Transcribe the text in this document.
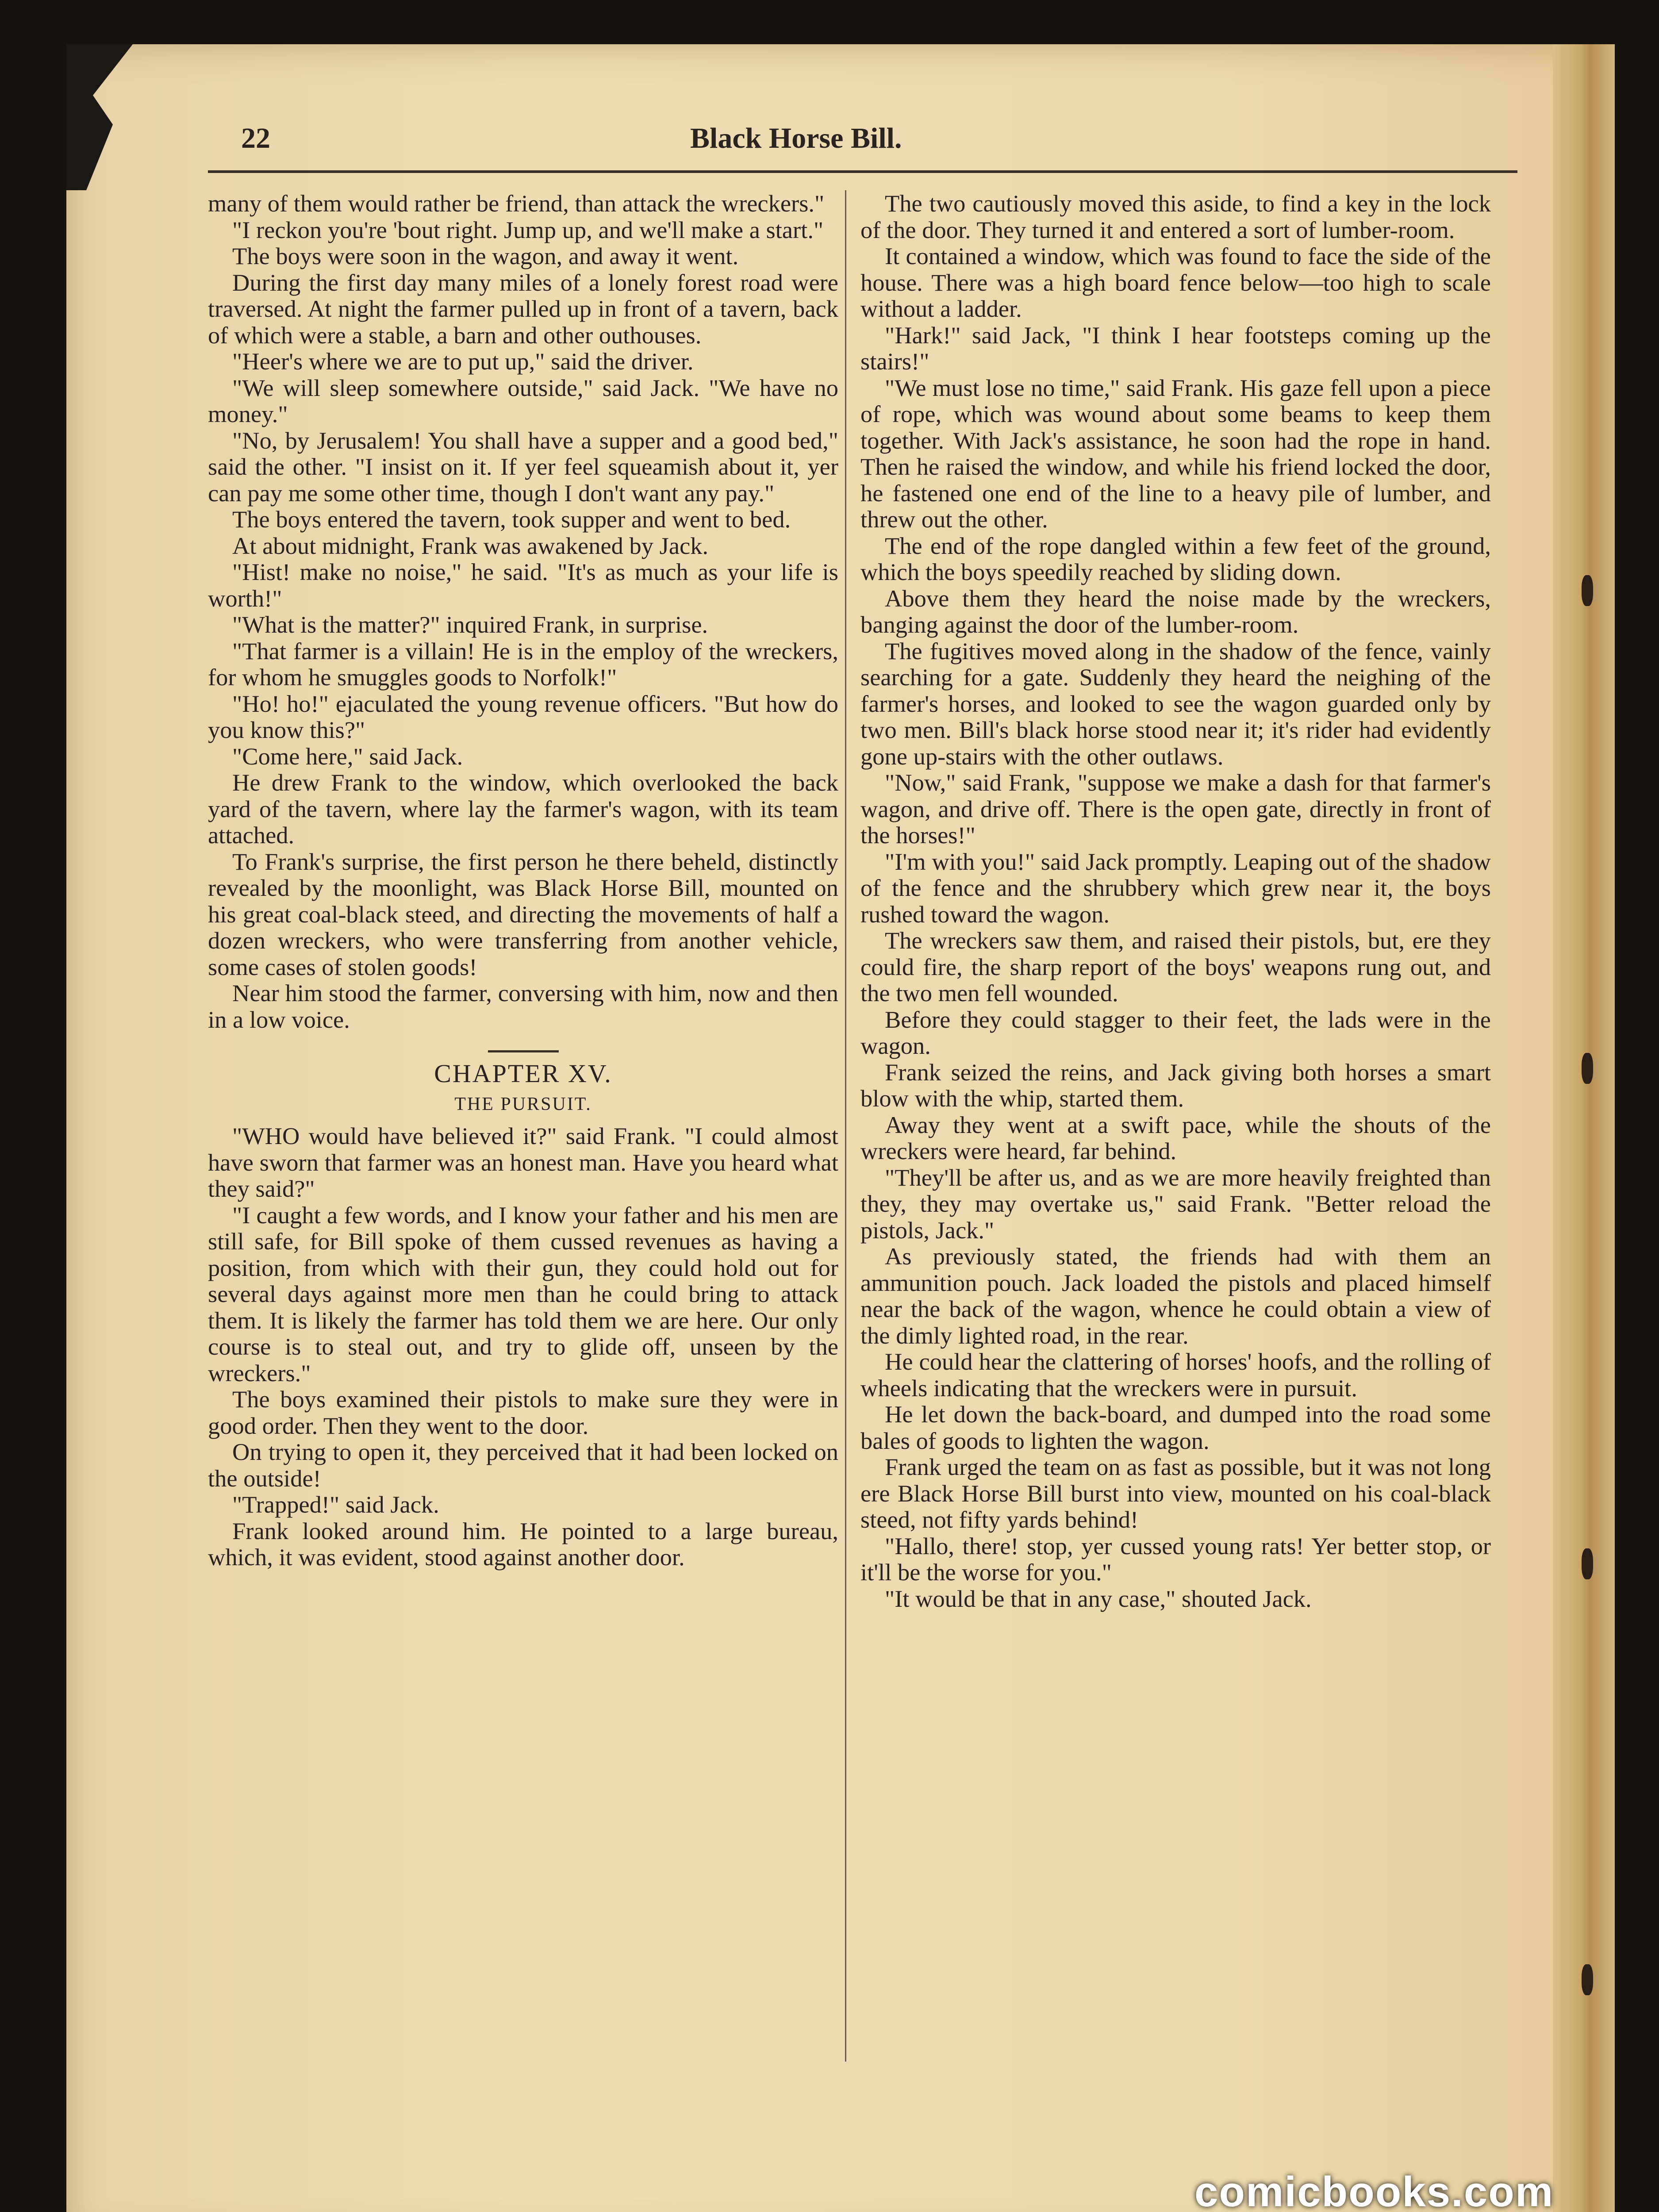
22	Black Horse Bill.

many of them would rather be friend, than attack the wreckers."

"I reckon you're 'bout right. Jump up, and we'll make a start."

The boys were soon in the wagon, and away it went.

During the first day many miles of a lonely forest road were traversed. At night the farmer pulled up in front of a tavern, back of which were a stable, a barn and other outhouses.

"Heer's where we are to put up," said the driver.

"We will sleep somewhere outside," said Jack. "We have no money."

"No, by Jerusalem! You shall have a supper and a good bed," said the other. "I insist on it. If yer feel squeamish about it, yer can pay me some other time, though I don't want any pay."

The boys entered the tavern, took supper and went to bed.

At about midnight, Frank was awakened by Jack.

"Hist! make no noise," he said. "It's as much as your life is worth!"

"What is the matter?" inquired Frank, in surprise.

"That farmer is a villain! He is in the employ of the wreckers, for whom he smuggles goods to Norfolk!"

"Ho! ho!" ejaculated the young revenue officers. "But how do you know this?"

"Come here," said Jack.

He drew Frank to the window, which overlooked the back yard of the tavern, where lay the farmer's wagon, with its team attached.

To Frank's surprise, the first person he there beheld, distinctly revealed by the moonlight, was Black Horse Bill, mounted on his great coal-black steed, and directing the movements of half a dozen wreckers, who were transferring from another vehicle, some cases of stolen goods!

Near him stood the farmer, conversing with him, now and then in a low voice.

CHAPTER XV.
THE PURSUIT.

"WHO would have believed it?" said Frank. "I could almost have sworn that farmer was an honest man. Have you heard what they said?"

"I caught a few words, and I know your father and his men are still safe, for Bill spoke of them cussed revenues as having a position, from which with their gun, they could hold out for several days against more men than he could bring to attack them. It is likely the farmer has told them we are here. Our only course is to steal out, and try to glide off, unseen by the wreckers."

The boys examined their pistols to make sure they were in good order. Then they went to the door.

On trying to open it, they perceived that it had been locked on the outside!

"Trapped!" said Jack.

Frank looked around him. He pointed to a large bureau, which, it was evident, stood against another door.

The two cautiously moved this aside, to find a key in the lock of the door. They turned it and entered a sort of lumber-room.

It contained a window, which was found to face the side of the house. There was a high board fence below—too high to scale without a ladder.

"Hark!" said Jack, "I think I hear footsteps coming up the stairs!"

"We must lose no time," said Frank. His gaze fell upon a piece of rope, which was wound about some beams to keep them together. With Jack's assistance, he soon had the rope in hand. Then he raised the window, and while his friend locked the door, he fastened one end of the line to a heavy pile of lumber, and threw out the other.

The end of the rope dangled within a few feet of the ground, which the boys speedily reached by sliding down.

Above them they heard the noise made by the wreckers, banging against the door of the lumber-room.

The fugitives moved along in the shadow of the fence, vainly searching for a gate. Suddenly they heard the neighing of the farmer's horses, and looked to see the wagon guarded only by two men. Bill's black horse stood near it; it's rider had evidently gone up-stairs with the other outlaws.

"Now," said Frank, "suppose we make a dash for that farmer's wagon, and drive off. There is the open gate, directly in front of the horses!"

"I'm with you!" said Jack promptly. Leaping out of the shadow of the fence and the shrubbery which grew near it, the boys rushed toward the wagon.

The wreckers saw them, and raised their pistols, but, ere they could fire, the sharp report of the boys' weapons rung out, and the two men fell wounded.

Before they could stagger to their feet, the lads were in the wagon.

Frank seized the reins, and Jack giving both horses a smart blow with the whip, started them.

Away they went at a swift pace, while the shouts of the wreckers were heard, far behind.

"They'll be after us, and as we are more heavily freighted than they, they may overtake us," said Frank. "Better reload the pistols, Jack."

As previously stated, the friends had with them an ammunition pouch. Jack loaded the pistols and placed himself near the back of the wagon, whence he could obtain a view of the dimly lighted road, in the rear.

He could hear the clattering of horses' hoofs, and the rolling of wheels indicating that the wreckers were in pursuit.

He let down the back-board, and dumped into the road some bales of goods to lighten the wagon.

Frank urged the team on as fast as possible, but it was not long ere Black Horse Bill burst into view, mounted on his coal-black steed, not fifty yards behind!

"Hallo, there! stop, yer cussed young rats! Yer better stop, or it'll be the worse for you."

"It would be that in any case," shouted Jack.

comicbooks.com
